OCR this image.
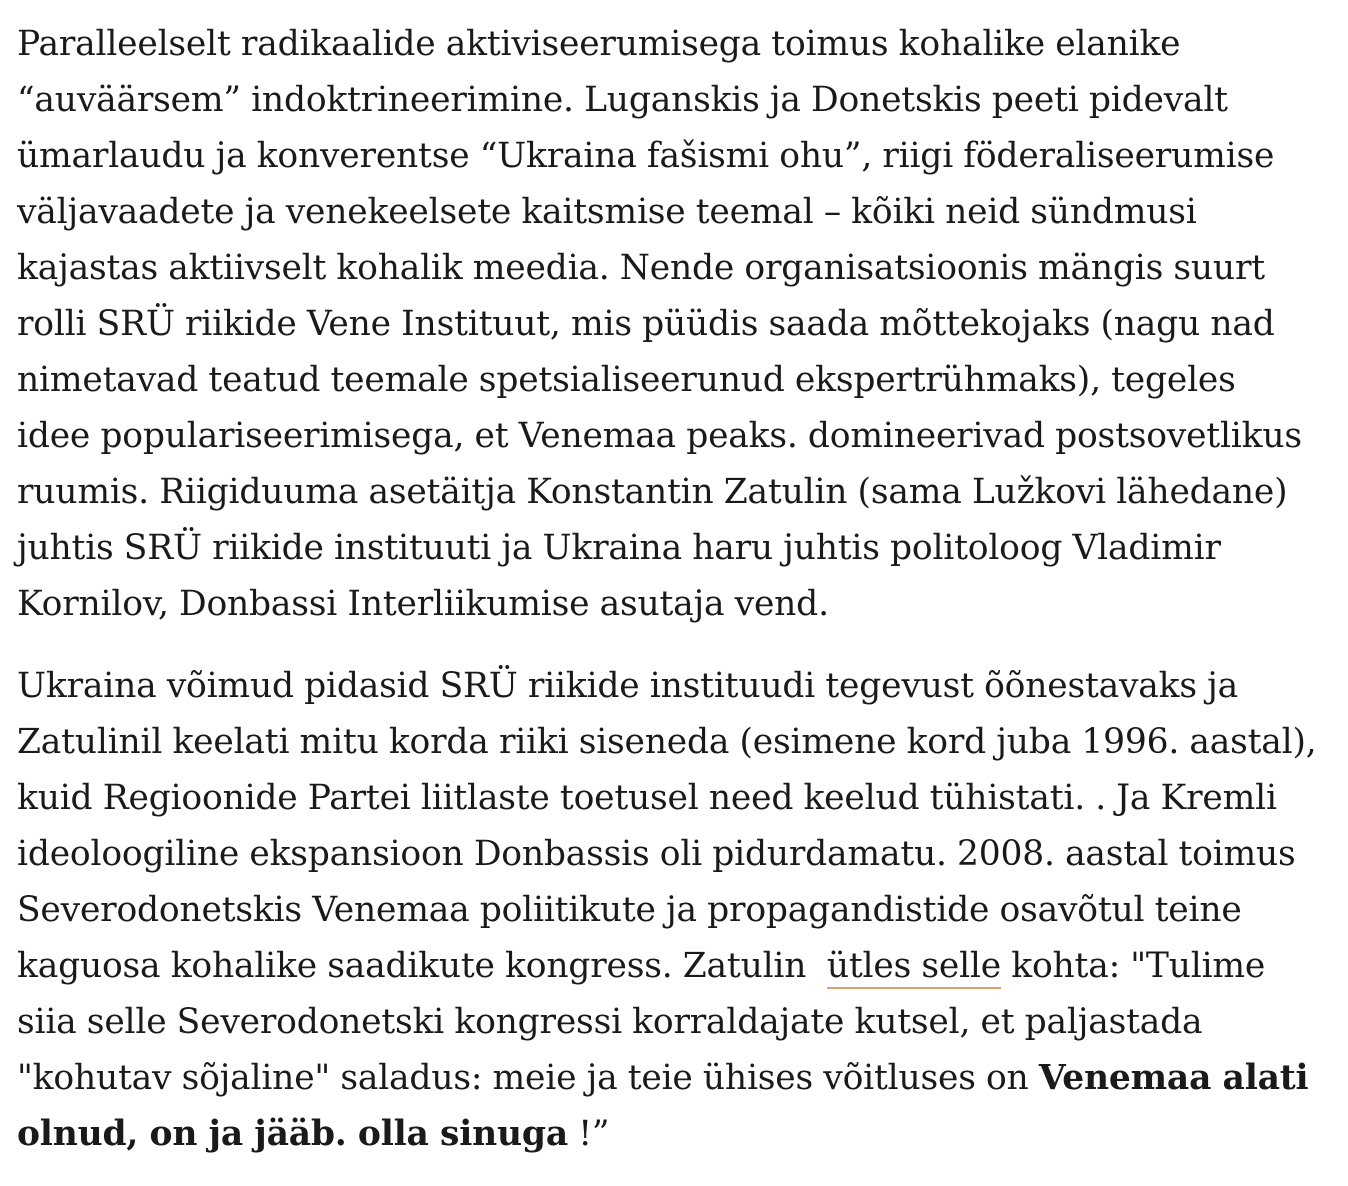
Paralleelselt radikaalide aktiviseerumisega toimus kohalike elanike “auväärsem” indoktrineerimine. Luganskis ja Donetskis peeti pidevalt ümarlaudu ja konverentse “Ukraina fašismi ohu”, riigi föderaliseerumise väljavaadete ja venekeelsete kaitsmise teemal – kõiki neid sündmusi kajastas aktiivselt kohalik meedia. Nende organisatsioonis mängis suurt rolli SRÜ riikide Vene Instituut, mis püüdis saada mõttekojaks (nagu nad nimetavad teatud teemale spetsialiseerunud ekspertrühmaks), tegeles idee populariseerimisega, et Venemaa peaks. domineerivad postsovetlikus ruumis. Riigiduuma asetäitja Konstantin Zatulin (sama Lužkovi lähedane) juhtis SRÜ riikide instituuti ja Ukraina haru juhtis politoloog Vladimir Kornilov, Donbassi Interliikumise asutaja vend.

Ukraina võimud pidasid SRÜ riikide instituudi tegevust õõnestavaks ja Zatulinil keelati mitu korda riiki siseneda (esimene kord juba 1996. aastal), kuid Regioonide Partei liitlaste toetusel need keelud tühistati. . Ja Kremli ideoloogiline ekspansioon Donbassis oli pidurdamatu. 2008. aastal toimus Severodonetskis Venemaa poliitikute ja propagandistide osavõtul teine kaguosa kohalike saadikute kongress. Zatulin  ütles selle kohta: "Tulime siia selle Severodonetski kongressi korraldajate kutsel, et paljastada "kohutav sõjaline" saladus: meie ja teie ühises võitluses on Venemaa alati olnud, on ja jääb. olla sinuga !”
